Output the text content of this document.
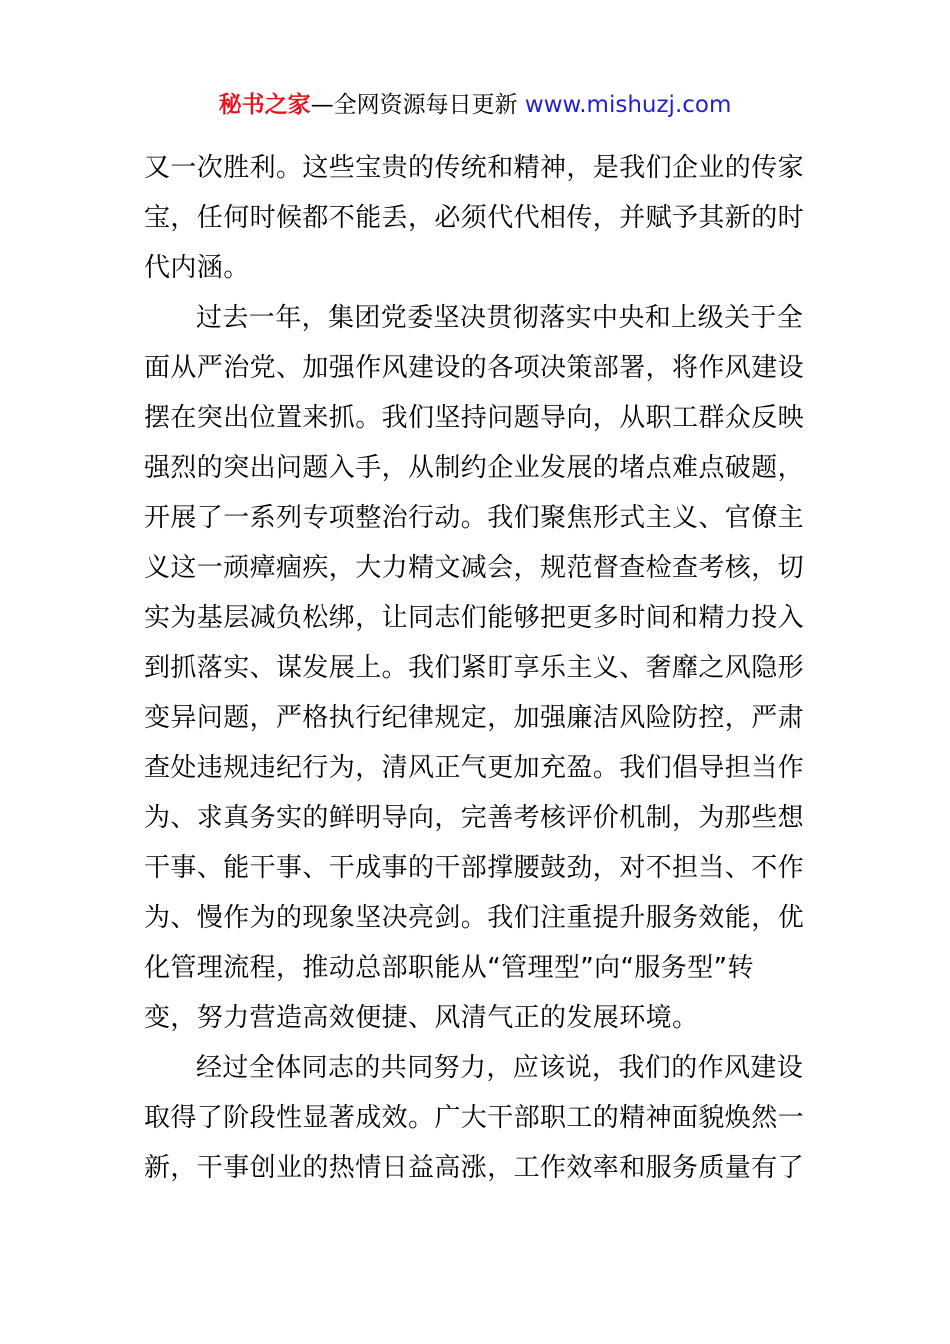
秘书之家—全网资源每日更新 www.mishuzj.com
又一次胜利。这些宝贵的传统和精神，是我们企业的传家
宝，任何时候都不能丢，必须代代相传，并赋予其新的时
代内涵。
过去一年，集团党委坚决贯彻落实中央和上级关于全
面从严治党、加强作风建设的各项决策部署，将作风建设
摆在突出位置来抓。我们坚持问题导向，从职工群众反映
强烈的突出问题入手，从制约企业发展的堵点难点破题，
开展了一系列专项整治行动。我们聚焦形式主义、官僚主
义这一顽瘴痼疾，大力精文减会，规范督查检查考核，切
实为基层减负松绑，让同志们能够把更多时间和精力投入
到抓落实、谋发展上。我们紧盯享乐主义、奢靡之风隐形
变异问题，严格执行纪律规定，加强廉洁风险防控，严肃
查处违规违纪行为，清风正气更加充盈。我们倡导担当作
为、求真务实的鲜明导向，完善考核评价机制，为那些想
干事、能干事、干成事的干部撑腰鼓劲，对不担当、不作
为、慢作为的现象坚决亮剑。我们注重提升服务效能，优
化管理流程，推动总部职能从“管理型”向“服务型”转
变，努力营造高效便捷、风清气正的发展环境。
经过全体同志的共同努力，应该说，我们的作风建设
取得了阶段性显著成效。广大干部职工的精神面貌焕然一
新，干事创业的热情日益高涨，工作效率和服务质量有了
